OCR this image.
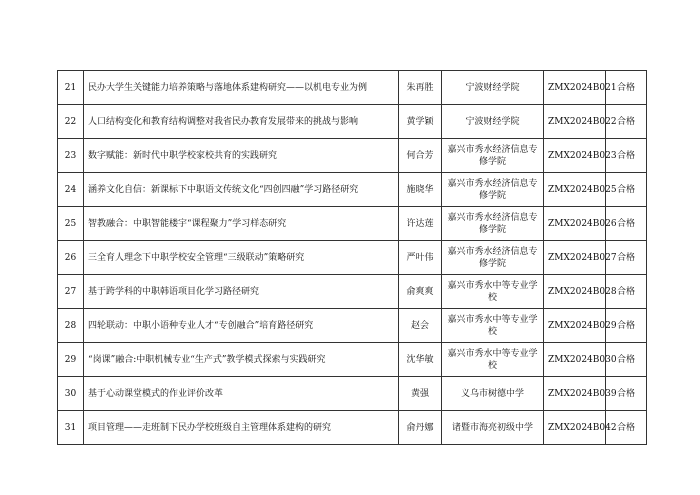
21	民办大学生关键能力培养策略与落地体系建构研究——以机电专业为例	朱再胜	宁波财经学院	ZMX2024B021	合格
22	人口结构变化和教育结构调整对我省民办教育发展带来的挑战与影响	黄学颖	宁波财经学院	ZMX2024B022	合格
23	数字赋能：新时代中职学校家校共育的实践研究	何合芳	嘉兴市秀水经济信息专修学院	ZMX2024B023	合格
24	涵养文化自信：新课标下中职语文传统文化“四创四融”学习路径研究	施晓华	嘉兴市秀水经济信息专修学院	ZMX2024B025	合格
25	智教融合：中职智能楼宇“课程聚力”学习样态研究	许达莲	嘉兴市秀水经济信息专修学院	ZMX2024B026	合格
26	三全育人理念下中职学校安全管理“三级联动”策略研究	严叶伟	嘉兴市秀水经济信息专修学院	ZMX2024B027	合格
27	基于跨学科的中职韩语项目化学习路径研究	俞爽爽	嘉兴市秀水中等专业学校	ZMX2024B028	合格
28	四轮联动：中职小语种专业人才“专创融合”培育路径研究	赵会	嘉兴市秀水中等专业学校	ZMX2024B029	合格
29	“岗课”融合:中职机械专业“生产式”教学模式探索与实践研究	沈华敏	嘉兴市秀水中等专业学校	ZMX2024B030	合格
30	基于心动课堂模式的作业评价改革	黄强	义乌市树德中学	ZMX2024B039	合格
31	项目管理——走班制下民办学校班级自主管理体系建构的研究	俞丹娜	诸暨市海亮初级中学	ZMX2024B042	合格
